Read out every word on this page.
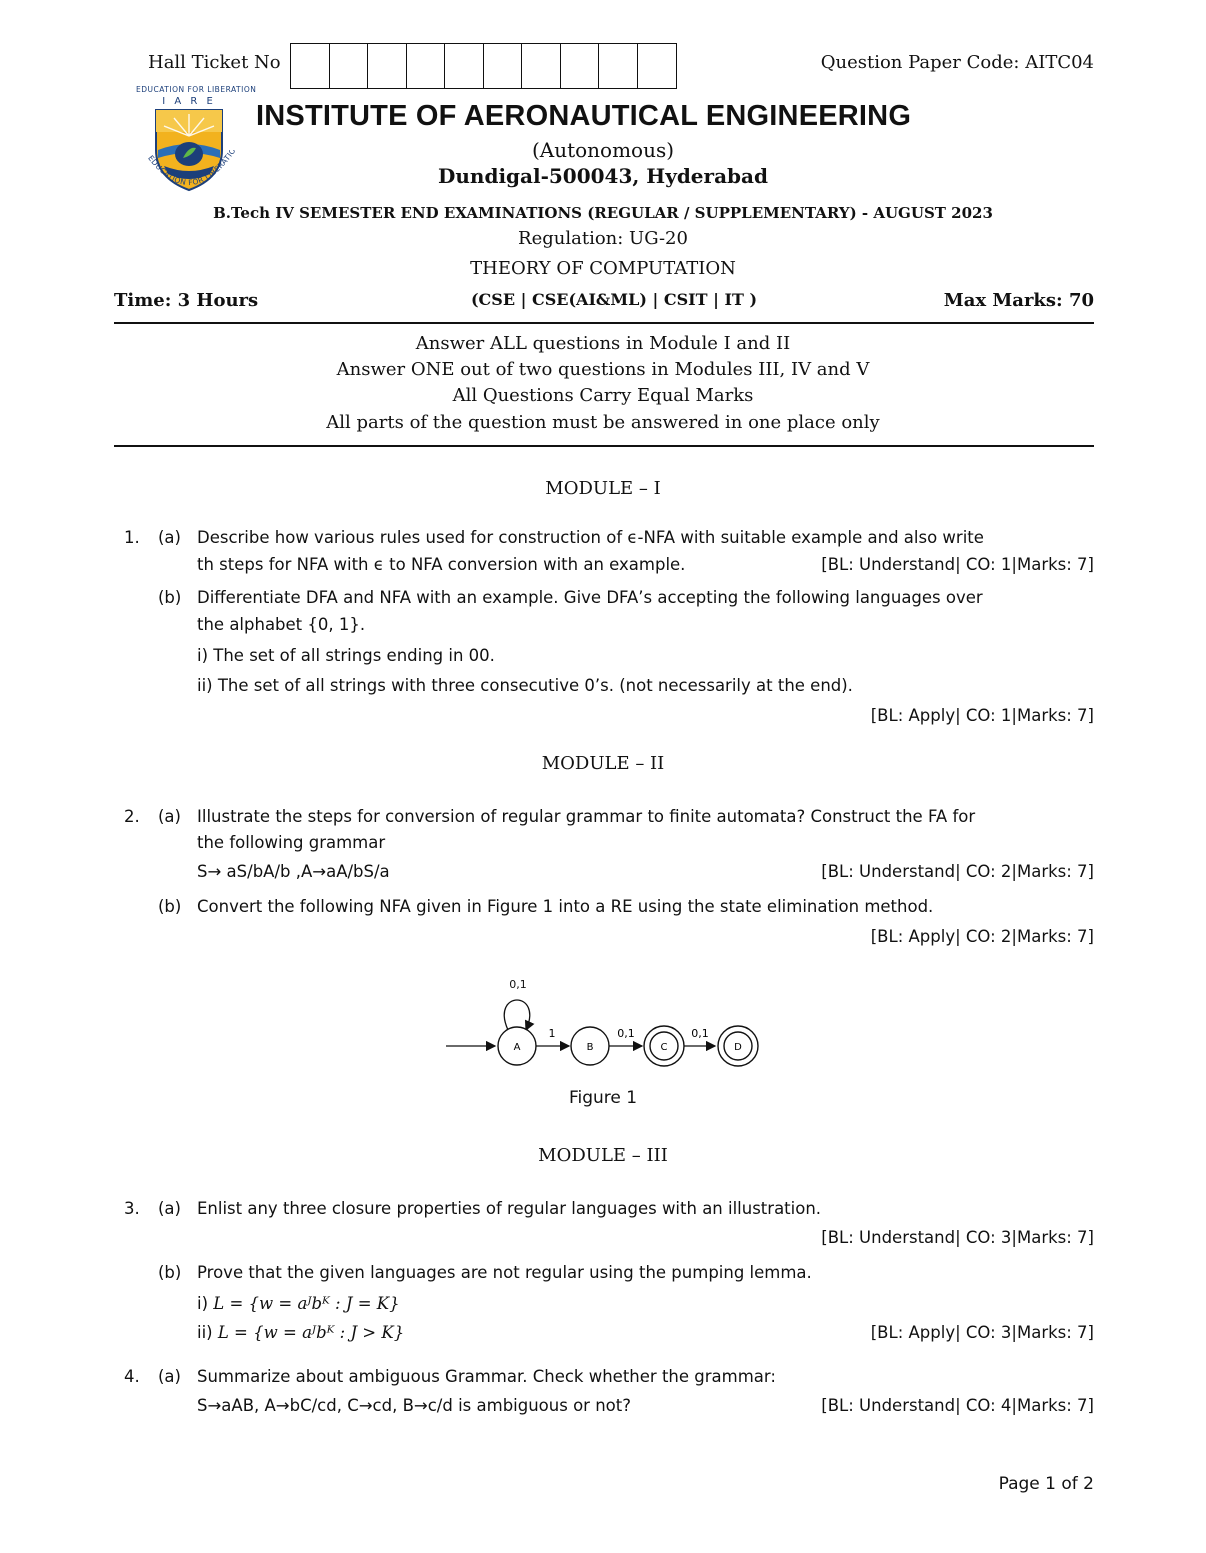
Hall Ticket No	Question Paper Code: AITC04
I A R E
EDUCATION FOR LIBERATION
EDUCATION FOR LIBERATIO
INSTITUTE OF AERONAUTICAL ENGINEERING
(Autonomous)
Dundigal-500043, Hyderabad
B.Tech IV SEMESTER END EXAMINATIONS (REGULAR / SUPPLEMENTARY) - AUGUST 2023
Regulation: UG-20
THEORY OF COMPUTATION
Time: 3 Hours	(CSE | CSE(AI&ML) | CSIT | IT )	Max Marks: 70
Answer ALL questions in Module I and II
Answer ONE out of two questions in Modules III, IV and V
All Questions Carry Equal Marks
All parts of the question must be answered in one place only
MODULE – I
1. (a) Describe how various rules used for construction of ϵ-NFA with suitable example and also write
th steps for NFA with ϵ to NFA conversion with an example.	[BL: Understand| CO: 1|Marks: 7]
(b) Differentiate DFA and NFA with an example. Give DFA’s accepting the following languages over
the alphabet {0, 1}.
i) The set of all strings ending in 00.
ii) The set of all strings with three consecutive 0’s. (not necessarily at the end).
[BL: Apply| CO: 1|Marks: 7]
MODULE – II
2. (a) Illustrate the steps for conversion of regular grammar to finite automata? Construct the FA for
the following grammar
S→ aS/bA/b ,A→aA/bS/a	[BL: Understand| CO: 2|Marks: 7]
(b) Convert the following NFA given in Figure 1 into a RE using the state elimination method.
[BL: Apply| CO: 2|Marks: 7]
0,1
A
1
B
0,1
C
0,1
D
Figure 1
MODULE – III
3. (a) Enlist any three closure properties of regular languages with an illustration.
[BL: Understand| CO: 3|Marks: 7]
(b) Prove that the given languages are not regular using the pumping lemma.
i) L = {w = aᴶbᴷ : J = K}
ii) L = {w = aᴶbᴷ : J > K}	[BL: Apply| CO: 3|Marks: 7]
4. (a) Summarize about ambiguous Grammar. Check whether the grammar:
S→aAB, A→bC/cd, C→cd, B→c/d is ambiguous or not?	[BL: Understand| CO: 4|Marks: 7]
Page 1 of 2
